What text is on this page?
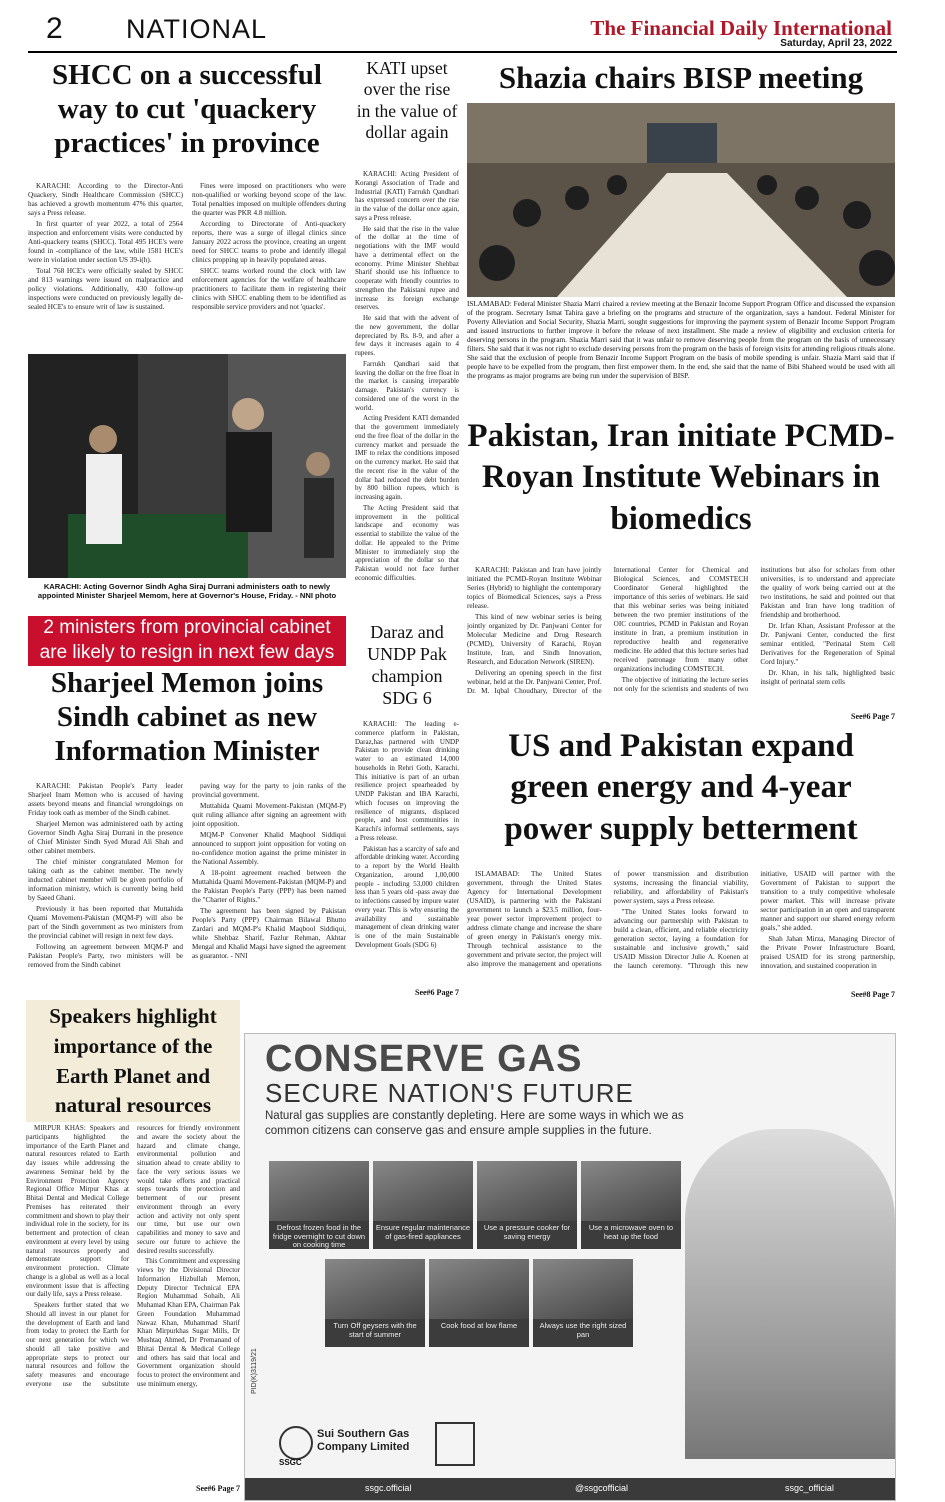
2 NATIONAL	The Financial Daily International
Saturday, April 23, 2022
SHCC on a successful way to cut 'quackery practices' in province

KARACHI: According to the Director-Anti Quackery, Sindh Healthcare Commission (SHCC) has achieved a growth momentum 47% this quarter, says a Press release.

In first quarter of year 2022, a total of 2564 inspection and enforcement visits were conducted by Anti-quackery teams (SHCC). Total 495 HCE's were found in -compliance of the law, while 1581 HCE's were in violation under section US 39-i(h).

Total 768 HCE's were officially sealed by SHCC and 813 warnings were issued on malpractice and policy violations. Additionally, 430 follow-up inspections were conducted on previously legally de-sealed HCE's to ensure writ of law is sustained.

Fines were imposed on practitioners who were non-qualified or working beyond scope of the law. Total penalties imposed on multiple offenders during the quarter was PKR 4.8 million.

According to Directorate of Anti-quackery reports, there was a surge of illegal clinics since January 2022 across the province, creating an urgent need for SHCC teams to probe and identify illegal clinics propping up in heavily populated areas.

SHCC teams worked round the clock with law enforcement agencies for the welfare of healthcare practitioners to facilitate them in registering their clinics with SHCC enabling them to be identified as responsible service providers and not 'quacks'.

KARACHI: Acting Governor Sindh Agha Siraj Durrani administers oath to newly appointed Minister Sharjeel Memom, here at Governor's House, Friday. - NNI photo
2 ministers from provincial cabinet are likely to resign in next few days
Sharjeel Memon joins Sindh cabinet as new Information Minister

KARACHI: Pakistan People's Party leader Sharjeel Inam Memon who is accused of having assets beyond means and financial wrongdoings on Friday took oath as member of the Sindh cabinet.

Sharjeel Memon was administered oath by acting Governor Sindh Agha Siraj Durrani in the presence of Chief Minister Sindh Syed Murad Ali Shah and other cabinet members.

The chief minister congratulated Memon for taking oath as the cabinet member. The newly inducted cabinet member will be given portfolio of information ministry, which is currently being held by Saeed Ghani.

Previously it has been reported that Muttahida Quami Movement-Pakistan (MQM-P) will also be part of the Sindh government as two ministers from the provincial cabinet will resign in next few days.

Following an agreement between MQM-P and Pakistan People's Party, two ministers will be removed from the Sindh cabinet

paving way for the party to join ranks of the provincial government.

Muttahida Quami Movement-Pakistan (MQM-P) quit ruling alliance after signing an agreement with joint opposition.

MQM-P Convener Khalid Maqbool Siddiqui announced to support joint opposition for voting on no-confidence motion against the prime minister in the National Assembly.

A 18-point agreement reached between the Muttahida Quami Movement-Pakistan (MQM-P) and the Pakistan People's Party (PPP) has been named the "Charter of Rights."

The agreement has been signed by Pakistan People's Party (PPP) Chairman Bilawal Bhutto Zardari and MQM-P's Khalid Maqbool Siddiqui, while Shehbaz Sharif, Fazlur Rehman, Akhtar Mengal and Khalid Magsi have signed the agreement as guarantor. - NNI

KATI upset over the rise in the value of dollar again

KARACHI: Acting President of Korangi Association of Trade and Industrial (KATI) Farrukh Qandhari has expressed concern over the rise in the value of the dollar once again, says a Press release.

He said that the rise in the value of the dollar at the time of negotiations with the IMF would have a detrimental effect on the economy. Prime Minister Shehbaz Sharif should use his influence to cooperate with friendly countries to strengthen the Pakistani rupee and increase its foreign exchange reserves.

He said that with the advent of the new government, the dollar depreciated by Rs. 8-9, and after a few days it increases again to 4 rupees.

Farrukh Qandhari said that leaving the dollar on the free float in the market is causing irreparable damage. Pakistan's currency is considered one of the worst in the world.

Acting President KATI demanded that the government immediately end the free float of the dollar in the currency market and persuade the IMF to relax the conditions imposed on the currency market. He said that the recent rise in the value of the dollar had reduced the debt burden by 800 billion rupees, which is increasing again.

The Acting President said that improvement in the political landscape and economy was essential to stabilize the value of the dollar. He appealed to the Prime Minister to immediately stop the appreciation of the dollar so that Pakistan would not face further economic difficulties.

Daraz and UNDP Pak champion SDG 6

KARACHI: The leading e-commerce platform in Pakistan, Daraz,has partnered with UNDP Pakistan to provide clean drinking water to an estimated 14,000 households in Rehri Goth, Karachi. This initiative is part of an urban resilience project spearheaded by UNDP Pakistan and IBA Karachi, which focuses on improving the resilience of migrants, displaced people, and host communities in Karachi's informal settlements, says a Press release.

Pakistan has a scarcity of safe and affordable drinking water. According to a report by the World Health Organization, around 1,00,000 people - including 53,000 children less than 5 years old -pass away due to infections caused by impure water every year. This is why ensuring the availability and sustainable management of clean drinking water is one of the main Sustainable Development Goals (SDG 6)

See#6 Page 7
Shazia chairs BISP meeting
ISLAMABAD: Federal Minister Shazia Marri chaired a review meeting at the Benazir Income Support Program Office and discussed the expansion of the program. Secretary Ismat Tahira gave a briefing on the programs and structure of the organization, says a handout. Federal Minister for Poverty Alleviation and Social Security, Shazia Marri, sought suggestions for improving the payment system of Benazir Income Support Program and issued instructions to further improve it before the release of next installment. She made a review of eligibility and exclusion criteria for deserving persons in the program. Shazia Marri said that it was unfair to remove deserving people from the program on the basis of unnecessary filters. She said that it was not right to exclude deserving persons from the program on the basis of foreign visits for attending religious rituals alone. She said that the exclusion of people from Benazir Income Support Program on the basis of mobile spending is unfair. Shazia Marri said that if people have to be expelled from the program, then first empower them. In the end, she said that the name of Bibi Shaheed would be used with all the programs as major programs are being run under the supervision of BISP.
Pakistan, Iran initiate PCMD-Royan Institute Webinars in biomedics

KARACHI: Pakistan and Iran have jointly initiated the PCMD-Royan Institute Webinar Series (Hybrid) to highlight the contemporary topics of Biomedical Sciences, says a Press release.

This kind of new webinar series is being jointly organized by Dr. Panjwani Center for Molecular Medicine and Drug Research (PCMD), University of Karachi, Royan Institute, Iran, and Sindh Innovation, Research, and Education Network (SIREN).

Delivering an opening speech in the first webinar, held at the Dr. Panjwani Center, Prof. Dr. M. Iqbal Choudhary, Director of the International Center for Chemical and Biological Sciences, and COMSTECH Coordinator General highlighted the importance of this series of webinars. He said that this webinar series was being initiated between the two premier institutions of the OIC countries, PCMD in Pakistan and Royan institute in Iran, a premium institution in reproductive health and regenerative medicine. He added that this lecture series had received patronage from many other organizations including COMSTECH.

The objective of initiating the lecture series not only for the scientists and students of two institutions but also for scholars from other universities, is to understand and appreciate the quality of work being carried out at the two institutions, he said and pointed out that Pakistan and Iran have long tradition of friendship and brotherhood.

Dr. Irfan Khan, Assistant Professor at the Dr. Panjwani Center, conducted the first seminar entitled, "Perinatal Stem Cell Derivatives for the Regeneration of Spinal Cord Injury."

Dr. Khan, in his talk, highlighted basic insight of perinatal stem cells

See#6 Page 7
US and Pakistan expand green energy and 4-year power supply betterment

ISLAMABAD: The United States government, through the United States Agency for International Development (USAID), is partnering with the Pakistani government to launch a $23.5 million, four-year power sector improvement project to address climate change and increase the share of green energy in Pakistan's energy mix. Through technical assistance to the government and private sector, the project will also improve the management and operations of power transmission and distribution systems, increasing the financial viability, reliability, and affordability of Pakistan's power system, says a Press release.

"The United States looks forward to advancing our partnership with Pakistan to build a clean, efficient, and reliable electricity generation sector, laying a foundation for sustainable and inclusive growth," said USAID Mission Director Julie A. Koenen at the launch ceremony. "Through this new initiative, USAID will partner with the Government of Pakistan to support the transition to a truly competitive wholesale power market. This will increase private sector participation in an open and transparent manner and support our shared energy reform goals," she added.

Shah Jahan Mirza, Managing Director of the Private Power Infrastructure Board, praised USAID for its strong partnership, innovation, and sustained cooperation in

See#8 Page 7
Speakers highlight importance of the Earth Planet and natural resources

MIRPUR KHAS: Speakers and participants highlighted the importance of the Earth Planet and natural resources related to Earth day issues while addressing the awareness Seminar held by the Environment Protection Agency Regional Office Mirpur Khas at Bhitai Dental and Medical College Premises has reiterated their commitment and shown to play their individual role in the society, for its betterment and protection of clean environment at every level by using natural resources properly and demonstrate support for environment protection. Climate change is a global as well as a local environment issue that is affecting our daily life, says a Press release.

Speakers further stated that we Should all invest in our planet for the development of Earth and land from today to protect the Earth for our next generation for which we should all take positive and appropriate steps to protect our natural resources and follow the safety measures and encourage everyone use the substitute resources for friendly environment and aware the society about the hazard and climate change, environmental pollution and situation ahead to create ability to face the very serious issues we would take efforts and practical steps towards the protection and betterment of our present environment through an every action and activity not only spent our time, but use our own capabilities and money to save and secure our future to achieve the desired results successfully.

This Commitment and expressing views by the Divisional Director Information Hizbullah Memon, Deputy Director Technical EPA Region Muhammad Sohaib, Ali Muhamad Khan EPA, Chairman Pak Green Foundation Muhammad Nawaz Khan, Muhammad Sharif Khan Mirpurkhas Sugar Mills, Dr Mushtaq Ahmed, Dr Premanand of Bhitai Dental & Medical College and others has said that local and Government organization should focus to protect the environment and use minimum energy,

See#6 Page 7
CONSERVE GAS
SECURE NATION'S FUTURE
Natural gas supplies are constantly depleting. Here are some ways in which we as common citizens can conserve gas and ensure ample supplies in the future.
Defrost frozen food in the fridge overnight to cut down on cooking time
Ensure regular maintenance of gas-fired appliances
Use a pressure cooker for saving energy
Use a microwave oven to heat up the food
Turn Off geysers with the start of summer
Cook food at low flame	Always use the right sized pan
PID(K)3119/21
SSGC
Sui Southern Gas Company Limited
ssgc.official	@ssgcofficial	ssgc_official
